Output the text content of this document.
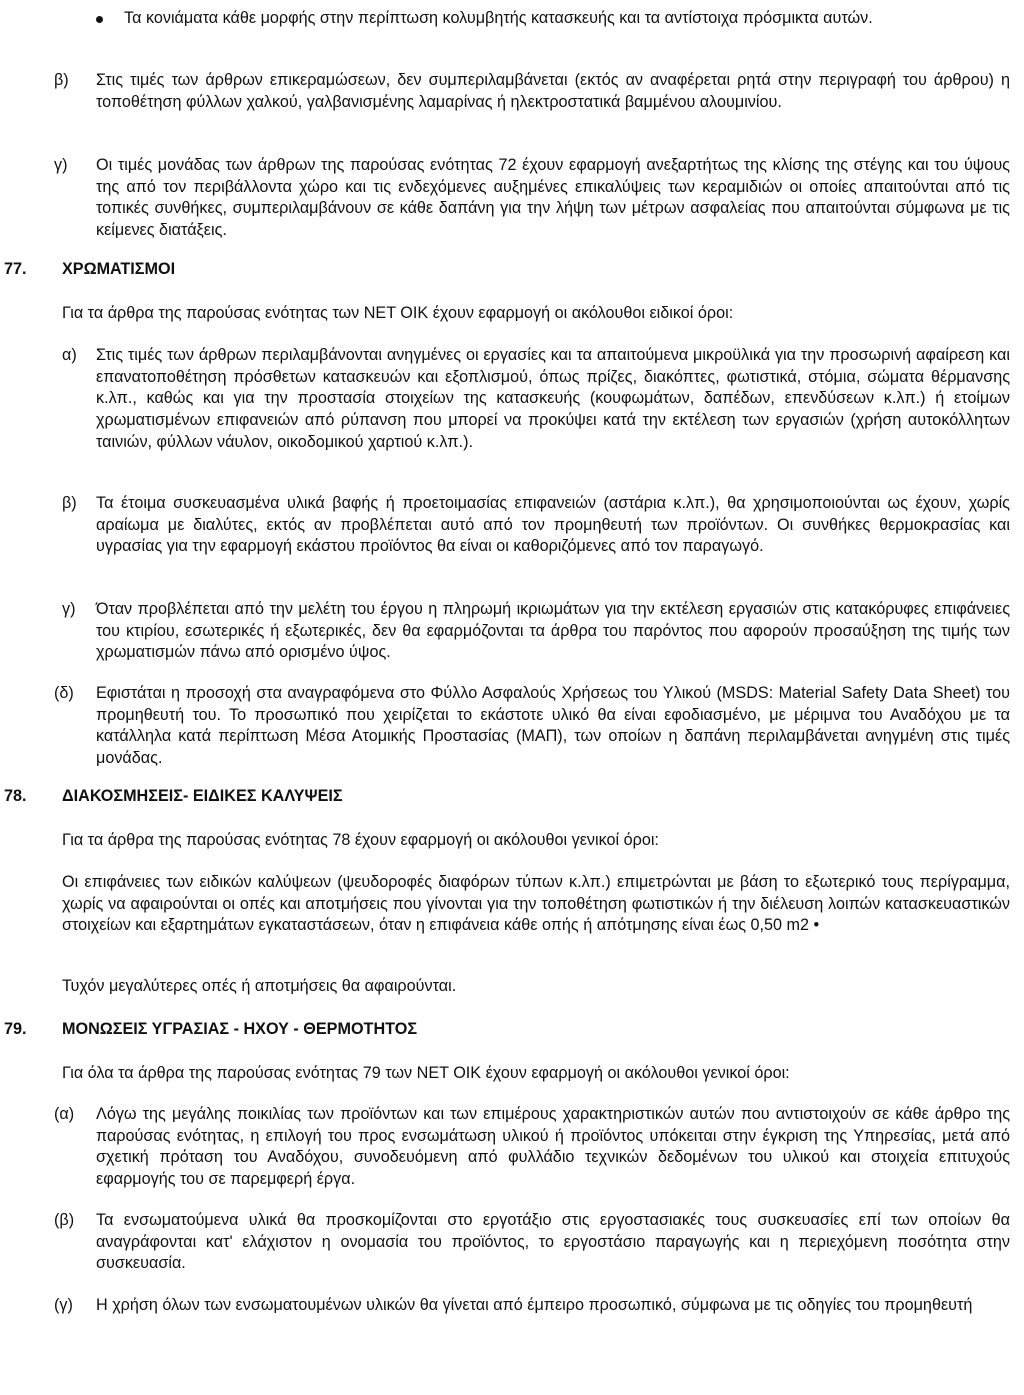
Τα κονιάματα κάθε μορφής στην περίπτωση κολυμβητής κατασκευής και τα αντίστοιχα πρόσμικτα αυτών.
β) Στις τιμές των άρθρων επικεραμώσεων, δεν συμπεριλαμβάνεται (εκτός αν αναφέρεται ρητά στην περιγραφή του άρθρου) η τοποθέτηση φύλλων χαλκού, γαλβανισμένης λαμαρίνας ή ηλεκτροστατικά βαμμένου αλουμινίου.
γ) Οι τιμές μονάδας των άρθρων της παρούσας ενότητας 72 έχουν εφαρμογή ανεξαρτήτως της κλίσης της στέγης και του ύψους της από τον περιβάλλοντα χώρο και τις ενδεχόμενες αυξημένες επικαλύψεις των κεραμιδιών οι οποίες απαιτούνται από τις τοπικές συνθήκες, συμπεριλαμβάνουν σε κάθε δαπάνη για την λήψη των μέτρων ασφαλείας που απαιτούνται σύμφωνα με τις κείμενες διατάξεις.
77. ΧΡΩΜΑΤΙΣΜΟΙ
Για τα άρθρα της παρούσας ενότητας των ΝΕΤ ΟΙΚ έχουν εφαρμογή οι ακόλουθοι ειδικοί όροι:
α) Στις τιμές των άρθρων περιλαμβάνονται ανηγμένες οι εργασίες και τα απαιτούμενα μικροϋλικά για την προσωρινή αφαίρεση και επανατοποθέτηση πρόσθετων κατασκευών και εξοπλισμού, όπως πρίζες, διακόπτες, φωτιστικά, στόμια, σώματα θέρμανσης κ.λπ., καθώς και για την προστασία στοιχείων της κατασκευής (κουφωμάτων, δαπέδων, επενδύσεων κ.λπ.) ή ετοίμων χρωματισμένων επιφανειών από ρύπανση που μπορεί να προκύψει κατά την εκτέλεση των εργασιών (χρήση αυτοκόλλητων ταινιών, φύλλων νάυλον, οικοδομικού χαρτιού κ.λπ.).
β) Τα έτοιμα συσκευασμένα υλικά βαφής ή προετοιμασίας επιφανειών (αστάρια κ.λπ.), θα χρησιμοποιούνται ως έχουν, χωρίς αραίωμα με διαλύτες, εκτός αν προβλέπεται αυτό από τον προμηθευτή των προϊόντων. Οι συνθήκες θερμοκρασίας και υγρασίας για την εφαρμογή εκάστου προϊόντος θα είναι οι καθοριζόμενες από τον παραγωγό.
γ) Όταν προβλέπεται από την μελέτη του έργου η πληρωμή ικριωμάτων για την εκτέλεση εργασιών στις κατακόρυφες επιφάνειες του κτιρίου, εσωτερικές ή εξωτερικές, δεν θα εφαρμόζονται τα άρθρα του παρόντος που αφορούν προσαύξηση της τιμής των χρωματισμών πάνω από ορισμένο ύψος.
(δ) Εφιστάται η προσοχή στα αναγραφόμενα στο Φύλλο Ασφαλούς Χρήσεως του Υλικού (MSDS: Material Safety Data Sheet) του προμηθευτή του. Το προσωπικό που χειρίζεται το εκάστοτε υλικό θα είναι εφοδιασμένο, με μέριμνα του Αναδόχου με τα κατάλληλα κατά περίπτωση Μέσα Ατομικής Προστασίας (ΜΑΠ), των οποίων η δαπάνη περιλαμβάνεται ανηγμένη στις τιμές μονάδας.
78. ΔΙΑΚΟΣΜΗΣΕΙΣ- ΕΙΔΙΚΕΣ ΚΑΛΥΨΕΙΣ
Για τα άρθρα της παρούσας ενότητας 78 έχουν εφαρμογή οι ακόλουθοι γενικοί όροι:
Οι επιφάνειες των ειδικών καλύψεων (ψευδοροφές διαφόρων τύπων κ.λπ.) επιμετρώνται με βάση το εξωτερικό τους περίγραμμα, χωρίς να αφαιρούνται οι οπές και αποτμήσεις που γίνονται για την τοποθέτηση φωτιστικών ή την διέλευση λοιπών κατασκευαστικών στοιχείων και εξαρτημάτων εγκαταστάσεων, όταν η επιφάνεια κάθε οπής ή απότμησης είναι έως 0,50 m2 •
Τυχόν μεγαλύτερες οπές ή αποτμήσεις θα αφαιρούνται.
79. ΜΟΝΩΣΕΙΣ ΥΓΡΑΣΙΑΣ - ΗΧΟΥ - ΘΕΡΜΟΤΗΤΟΣ
Για όλα τα άρθρα της παρούσας ενότητας 79 των ΝΕΤ ΟΙΚ έχουν εφαρμογή οι ακόλουθοι γενικοί όροι:
(α) Λόγω της μεγάλης ποικιλίας των προϊόντων και των επιμέρους χαρακτηριστικών αυτών που αντιστοιχούν σε κάθε άρθρο της παρούσας ενότητας, η επιλογή του προς ενσωμάτωση υλικού ή προϊόντος υπόκειται στην έγκριση της Υπηρεσίας, μετά από σχετική πρόταση του Αναδόχου, συνοδευόμενη από φυλλάδιο τεχνικών δεδομένων του υλικού και στοιχεία επιτυχούς εφαρμογής του σε παρεμφερή έργα.
(β) Τα ενσωματούμενα υλικά θα προσκομίζονται στο εργοτάξιο στις εργοστασιακές τους συσκευασίες επί των οποίων θα αναγράφονται κατ' ελάχιστον η ονομασία του προϊόντος, το εργοστάσιο παραγωγής και η περιεχόμενη ποσότητα στην συσκευασία.
(γ) Η χρήση όλων των ενσωματουμένων υλικών θα γίνεται από έμπειρο προσωπικό, σύμφωνα με τις οδηγίες του προμηθευτή
